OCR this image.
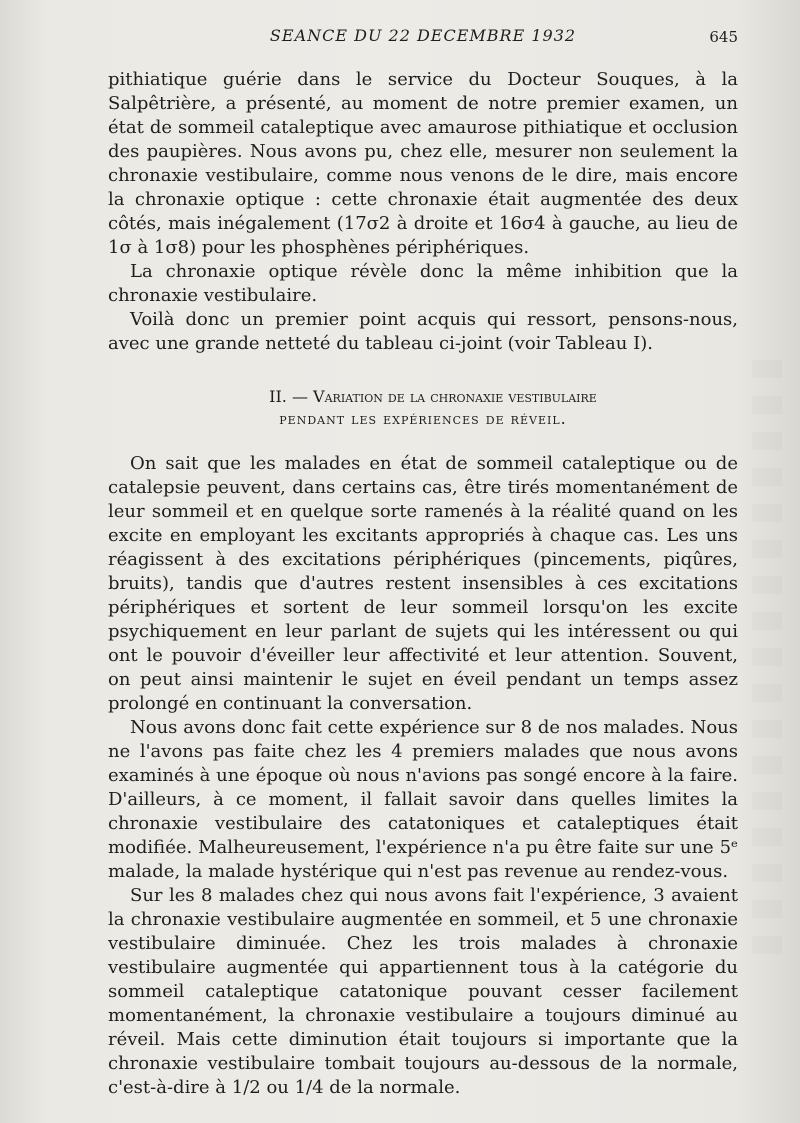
SEANCE DU 22 DECEMBRE 1932	645

pithiatique guérie dans le service du Docteur Souques, à la Salpêtrière, a présenté, au moment de notre premier examen, un état de sommeil cataleptique avec amaurose pithiatique et occlusion des paupières. Nous avons pu, chez elle, mesurer non seulement la chronaxie vestibulaire, comme nous venons de le dire, mais encore la chronaxie optique : cette chronaxie était augmentée des deux côtés, mais inégalement (17σ2 à droite et 16σ4 à gauche, au lieu de 1σ à 1σ8) pour les phosphènes périphériques.

La chronaxie optique révèle donc la même inhibition que la chronaxie vestibulaire.

Voilà donc un premier point acquis qui ressort, pensons-nous, avec une grande netteté du tableau ci-joint (voir Tableau I).

II. — Variation de la chronaxie vestibulaire
pendant les expériences de réveil.

On sait que les malades en état de sommeil cataleptique ou de catalepsie peuvent, dans certains cas, être tirés momentanément de leur sommeil et en quelque sorte ramenés à la réalité quand on les excite en employant les excitants appropriés à chaque cas. Les uns réagissent à des excitations périphériques (pincements, piqûres, bruits), tandis que d'autres restent insensibles à ces excitations périphériques et sortent de leur sommeil lorsqu'on les excite psychiquement en leur parlant de sujets qui les intéressent ou qui ont le pouvoir d'éveiller leur affectivité et leur attention. Souvent, on peut ainsi maintenir le sujet en éveil pendant un temps assez prolongé en continuant la conversation.

Nous avons donc fait cette expérience sur 8 de nos malades. Nous ne l'avons pas faite chez les 4 premiers malades que nous avons examinés à une époque où nous n'avions pas songé encore à la faire. D'ailleurs, à ce moment, il fallait savoir dans quelles limites la chronaxie vestibulaire des catatoniques et cataleptiques était modifiée. Malheureusement, l'expérience n'a pu être faite sur une 5ᵉ malade, la malade hystérique qui n'est pas revenue au rendez-vous.

Sur les 8 malades chez qui nous avons fait l'expérience, 3 avaient la chronaxie vestibulaire augmentée en sommeil, et 5 une chronaxie vestibulaire diminuée. Chez les trois malades à chronaxie vestibulaire augmentée qui appartiennent tous à la catégorie du sommeil cataleptique catatonique pouvant cesser facilement momentanément, la chronaxie vestibulaire a toujours diminué au réveil. Mais cette diminution était toujours si importante que la chronaxie vestibulaire tombait toujours au-dessous de la normale, c'est-à-dire à 1/2 ou 1/4 de la normale.
